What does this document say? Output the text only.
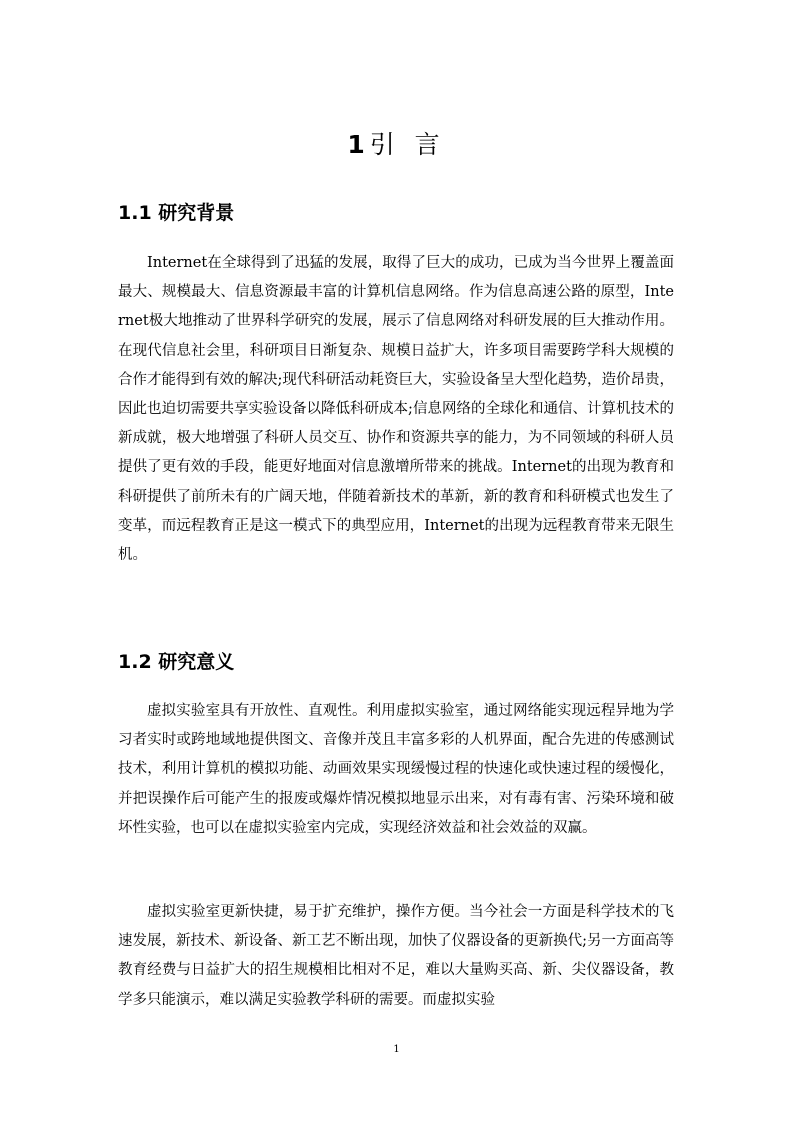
1 引 言
1.1 研究背景

Internet在全球得到了迅猛的发展，取得了巨大的成功，已成为当今世界上覆盖面最大、规模最大、信息资源最丰富的计算机信息网络。作为信息高速公路的原型，Internet极大地推动了世界科学研究的发展，展示了信息网络对科研发展的巨大推动作用。在现代信息社会里，科研项目日渐复杂、规模日益扩大，许多项目需要跨学科大规模的合作才能得到有效的解决;现代科研活动耗资巨大，实验设备呈大型化趋势，造价昂贵，因此也迫切需要共享实验设备以降低科研成本;信息网络的全球化和通信、计算机技术的新成就，极大地增强了科研人员交互、协作和资源共享的能力，为不同领域的科研人员提供了更有效的手段，能更好地面对信息激增所带来的挑战。Internet的出现为教育和科研提供了前所未有的广阔天地，伴随着新技术的革新，新的教育和科研模式也发生了变革，而远程教育正是这一模式下的典型应用，Internet的出现为远程教育带来无限生机。

1.2 研究意义

虚拟实验室具有开放性、直观性。利用虚拟实验室，通过网络能实现远程异地为学习者实时或跨地域地提供图文、音像并茂且丰富多彩的人机界面，配合先进的传感测试技术，利用计算机的模拟功能、动画效果实现缓慢过程的快速化或快速过程的缓慢化，并把误操作后可能产生的报废或爆炸情况模拟地显示出来，对有毒有害、污染环境和破坏性实验，也可以在虚拟实验室内完成，实现经济效益和社会效益的双赢。

虚拟实验室更新快捷，易于扩充维护，操作方便。当今社会一方面是科学技术的飞速发展，新技术、新设备、新工艺不断出现，加快了仪器设备的更新换代;另一方面高等教育经费与日益扩大的招生规模相比相对不足，难以大量购买高、新、尖仪器设备，教学多只能演示，难以满足实验教学科研的需要。而虚拟实验

1
